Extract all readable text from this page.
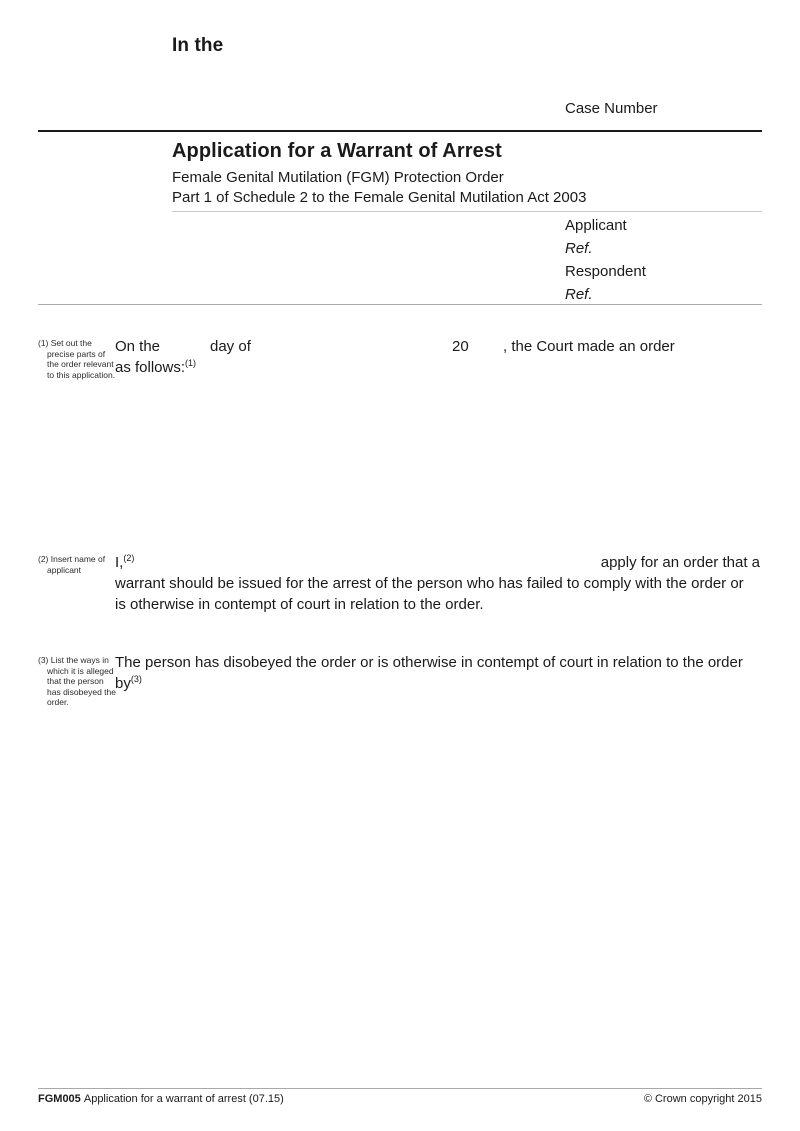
In the
Case Number
Application for a Warrant of Arrest
Female Genital Mutilation (FGM) Protection Order
Part 1 of Schedule 2 to the Female Genital Mutilation Act 2003
Applicant
Ref.
Respondent
Ref.
(1) Set out the precise parts of the order relevant to this application.
On the	day of	20 , the Court made an order
as follows:$^{(1)}$
(2) Insert name of applicant	I,$^{(2)}$	apply for an order that a
warrant should be issued for the arrest of the person who has failed to comply with the order or
is otherwise in contempt of court in relation to the order.
(3) List the ways in which it is alleged that the person has disobeyed the order.
The person has disobeyed the order or is otherwise in contempt of court in relation to the order
$by^{(3)}$
FGM005 Application for a warrant of arrest (07.15)	© Crown copyright 2015
